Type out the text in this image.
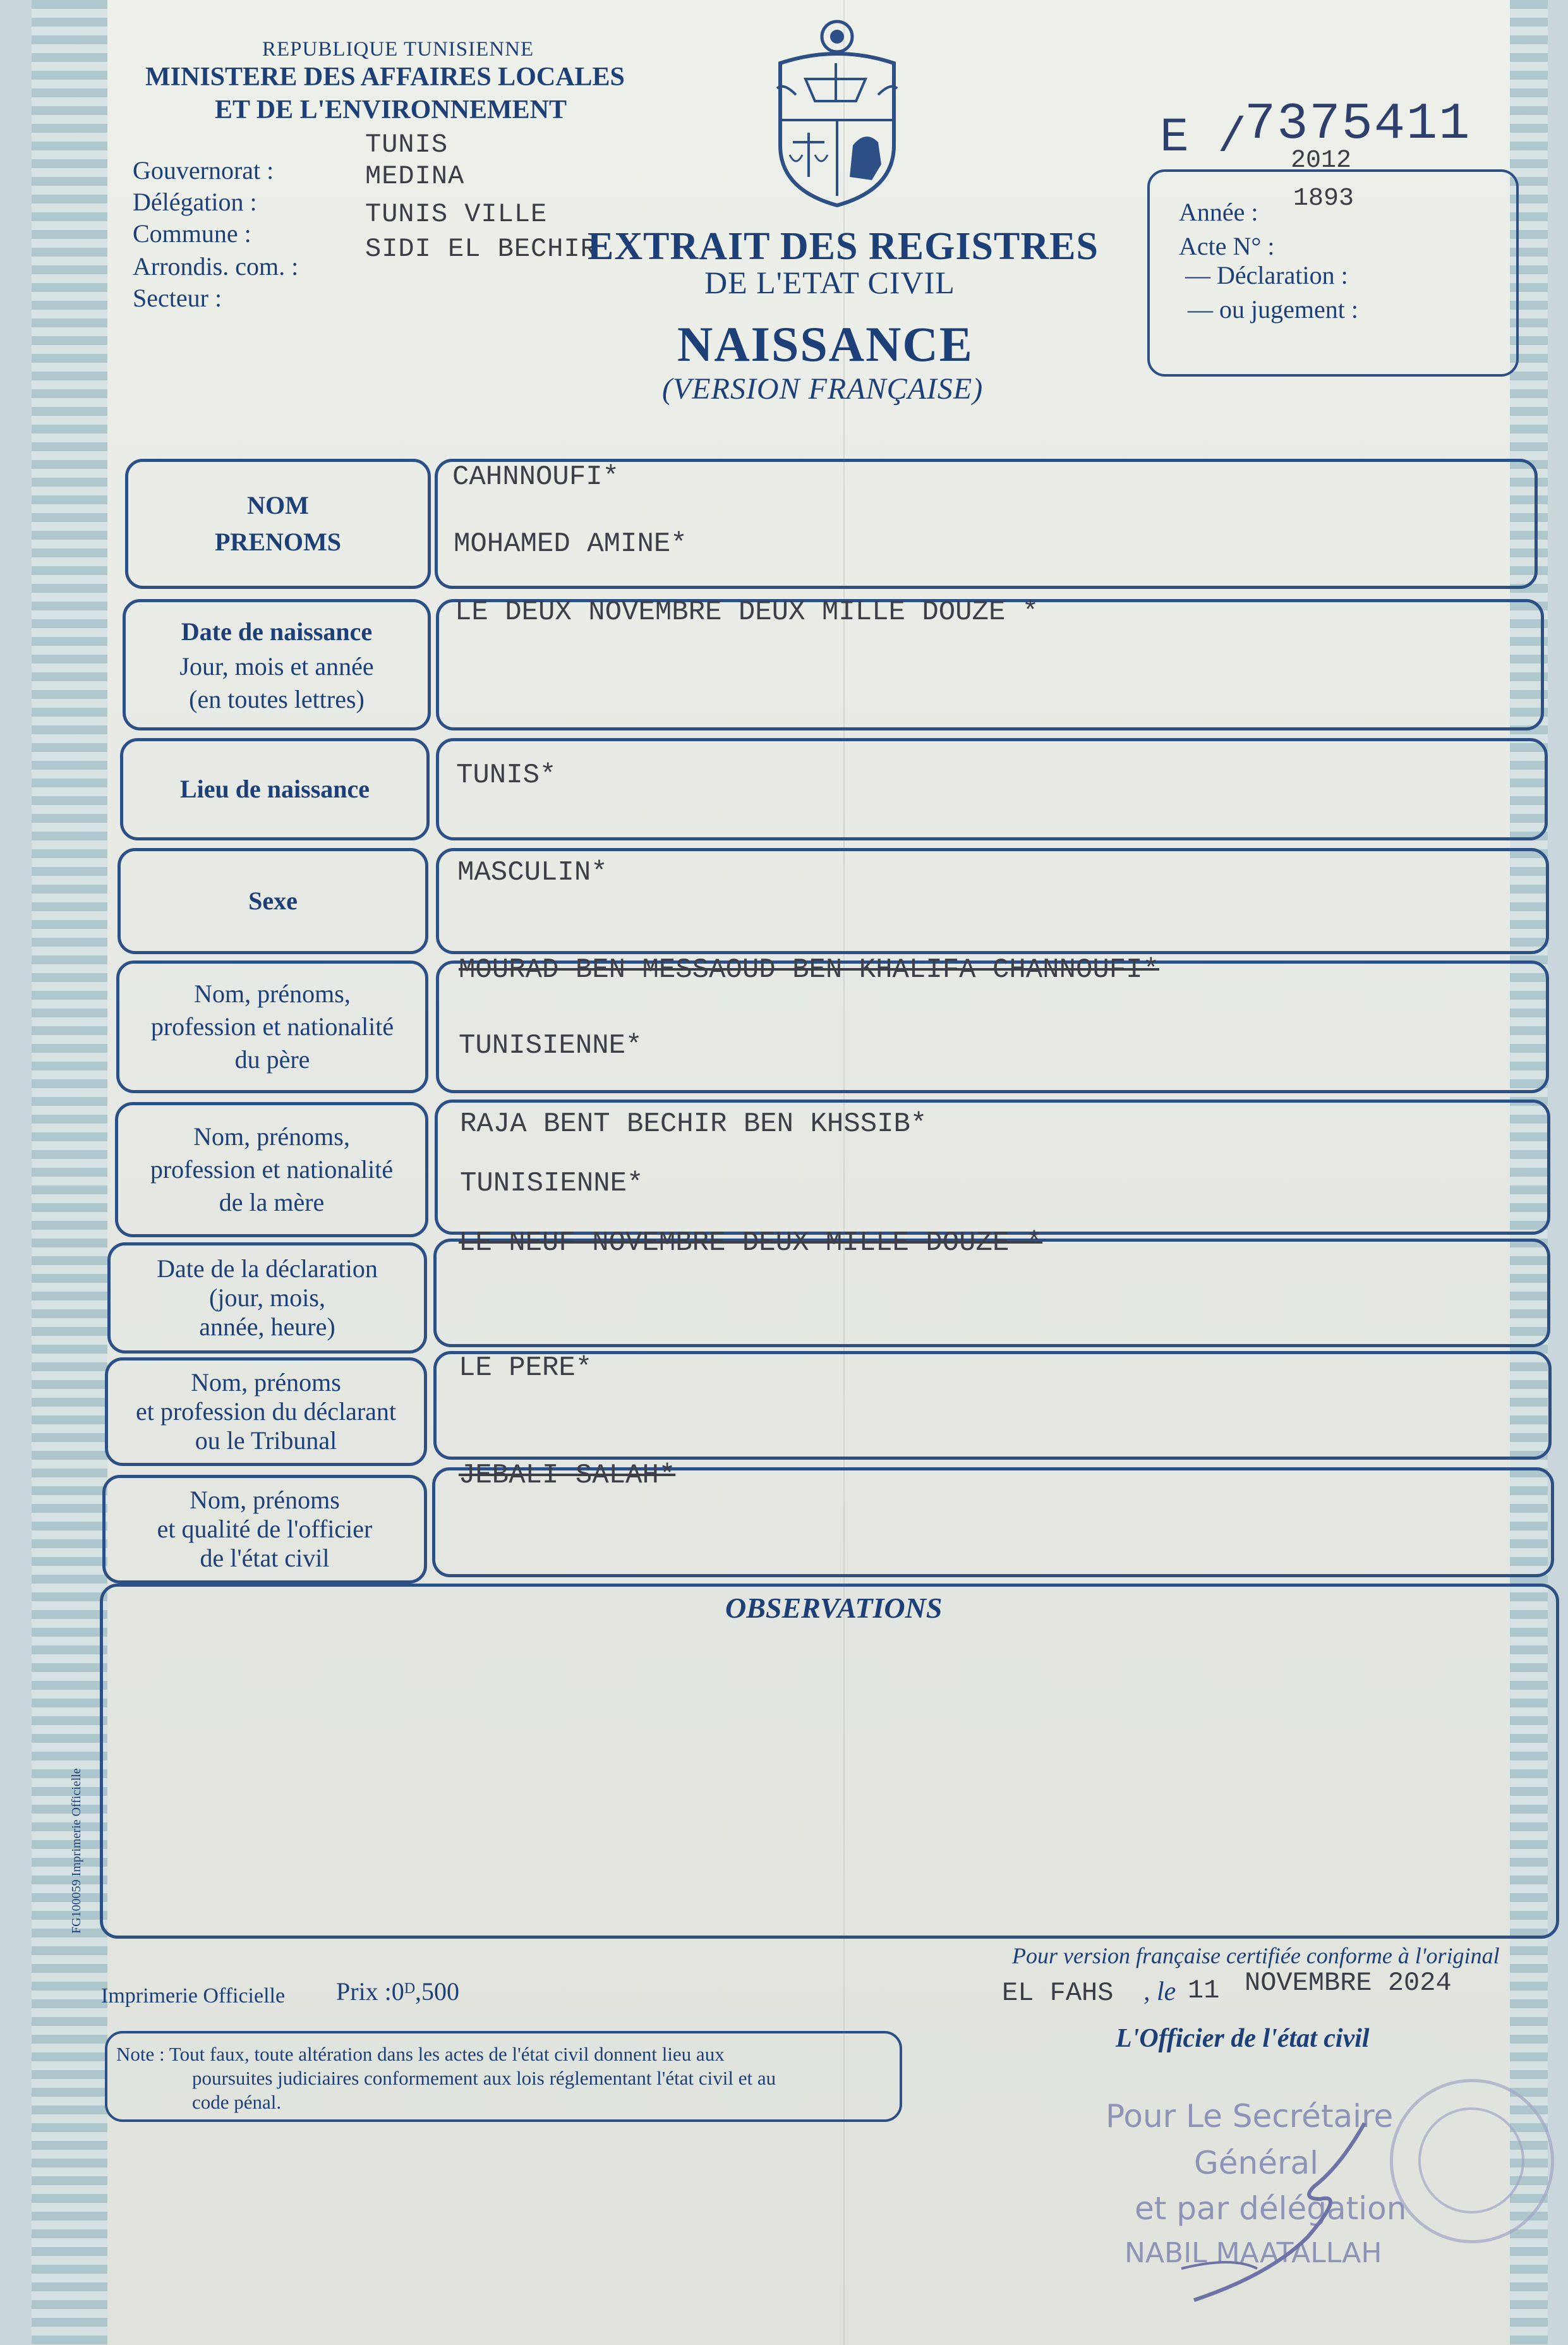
REPUBLIQUE TUNISIENNE
MINISTERE DES AFFAIRES LOCALES
ET DE L'ENVIRONNEMENT
Gouvernorat :
Délégation :
Commune :
Arrondis. com. :
Secteur :
TUNIS
MEDINA
TUNIS VILLE
SIDI EL BECHIR
EXTRAIT DES REGISTRES
DE L'ETAT CIVIL
NAISSANCE
(VERSION FRANÇAISE)
E /
7375411
Année :
2012
Acte N° :
1893
— Déclaration :
— ou jugement :
NOM
PRENOMS
CAHNNOUFI*
MOHAMED AMINE*
Date de naissance
Jour, mois et année
(en toutes lettres)
LE DEUX NOVEMBRE DEUX MILLE DOUZE *
Lieu de naissance	TUNIS*
Sexe
MASCULIN*
Nom, prénoms,
profession et nationalité
du père
MOURAD BEN MESSAOUD BEN KHALIFA CHANNOUFI*
TUNISIENNE*
Nom, prénoms,
profession et nationalité
de la mère
RAJA BENT BECHIR BEN KHSSIB*
TUNISIENNE*
Date de la déclaration
(jour, mois,
année, heure)
LE NEUF NOVEMBRE DEUX MILLE DOUZE *
Nom, prénoms
et profession du déclarant
ou le Tribunal
LE PERE*
Nom, prénoms
et qualité de l'officier
de l'état civil
JEBALI SALAH*
OBSERVATIONS
FG100059 Imprimerie Officielle
Imprimerie Officielle Prix :0ᴰ,500
Pour version française certifiée conforme à l'original
EL FAHS , le 11 NOVEMBRE 2024
L'Officier de l'état civil
Note : Tout faux, toute altération dans les actes de l'état civil donnent lieu aux
poursuites judiciaires conformement aux lois réglementant l'état civil et au
code pénal.	Pour Le Secrétaire
Général
et par délégation
NABIL MAATALLAH
